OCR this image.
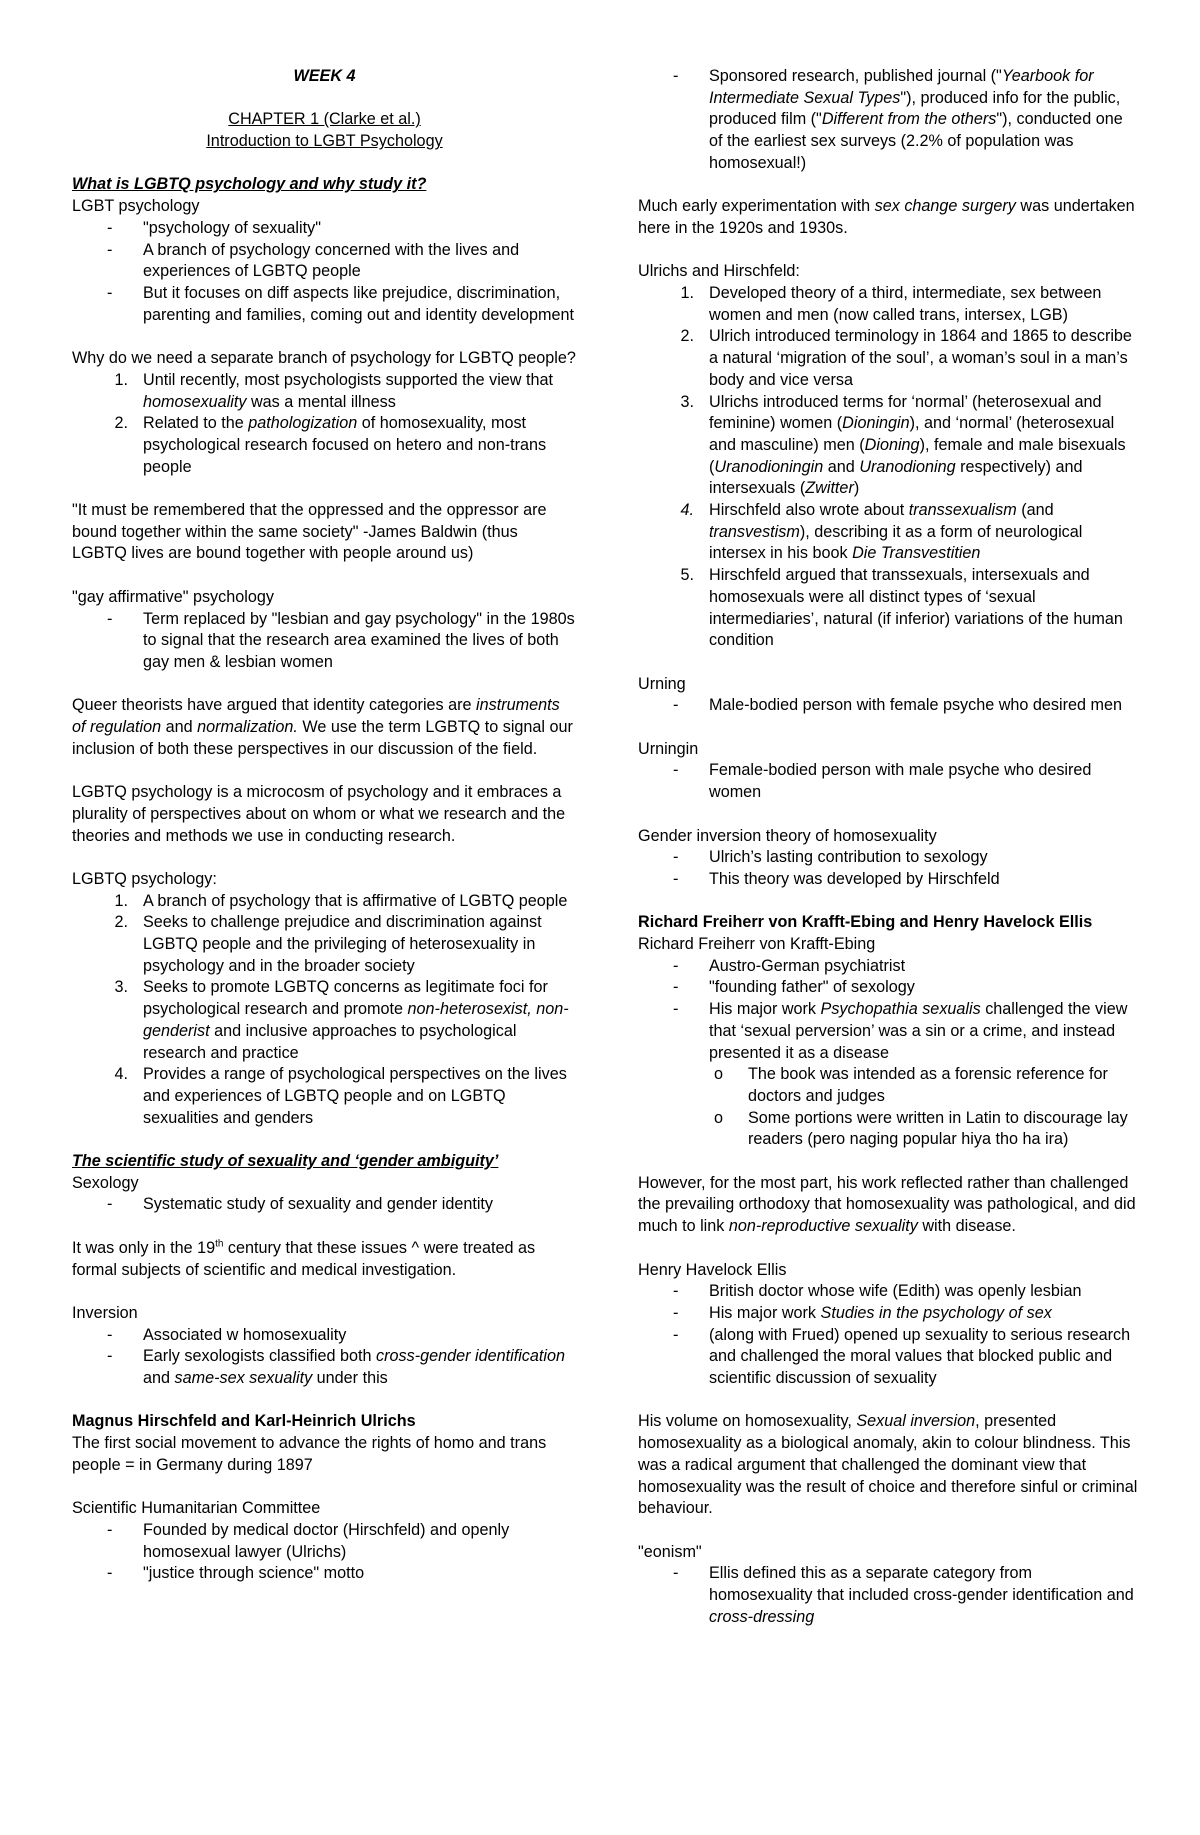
WEEK 4

CHAPTER 1 (Clarke et al.)

Introduction to LGBT Psychology

What is LGBTQ psychology and why study it?

LGBT psychology

- "psychology of sexuality"
- A branch of psychology concerned with the lives and experiences of LGBTQ people
- But it focuses on diff aspects like prejudice, discrimination, parenting and families, coming out and identity development

Why do we need a separate branch of psychology for LGBTQ people?

1. Until recently, most psychologists supported the view that homosexuality was a mental illness
2. Related to the pathologization of homosexuality, most psychological research focused on hetero and non-trans people

"It must be remembered that the oppressed and the oppressor are bound together within the same society" -James Baldwin (thus LGBTQ lives are bound together with people around us)

"gay affirmative" psychology

- Term replaced by "lesbian and gay psychology" in the 1980s to signal that the research area examined the lives of both gay men & lesbian women

Queer theorists have argued that identity categories are instruments of regulation and normalization. We use the term LGBTQ to signal our inclusion of both these perspectives in our discussion of the field.

LGBTQ psychology is a microcosm of psychology and it embraces a plurality of perspectives about on whom or what we research and the theories and methods we use in conducting research.

LGBTQ psychology:

1. A branch of psychology that is affirmative of LGBTQ people
2. Seeks to challenge prejudice and discrimination against LGBTQ people and the privileging of heterosexuality in psychology and in the broader society
3. Seeks to promote LGBTQ concerns as legitimate foci for psychological research and promote non-heterosexist, non-genderist and inclusive approaches to psychological research and practice
4. Provides a range of psychological perspectives on the lives and experiences of LGBTQ people and on LGBTQ sexualities and genders

The scientific study of sexuality and ‘gender ambiguity’

Sexology

- Systematic study of sexuality and gender identity

It was only in the 19th century that these issues ^ were treated as formal subjects of scientific and medical investigation.

Inversion

- Associated w homosexuality
- Early sexologists classified both cross-gender identification and same-sex sexuality under this

Magnus Hirschfeld and Karl-Heinrich Ulrichs

The first social movement to advance the rights of homo and trans people = in Germany during 1897

Scientific Humanitarian Committee

- Founded by medical doctor (Hirschfeld) and openly homosexual lawyer (Ulrichs)
- "justice through science" motto
- Sponsored research, published journal ("Yearbook for Intermediate Sexual Types"), produced info for the public, produced film ("Different from the others"), conducted one of the earliest sex surveys (2.2% of population was homosexual!)

Much early experimentation with sex change surgery was undertaken here in the 1920s and 1930s.

Ulrichs and Hirschfeld:

1. Developed theory of a third, intermediate, sex between women and men (now called trans, intersex, LGB)
2. Ulrich introduced terminology in 1864 and 1865 to describe a natural ‘migration of the soul’, a woman’s soul in a man’s body and vice versa
3. Ulrichs introduced terms for ‘normal’ (heterosexual and feminine) women (Dioningin), and ‘normal’ (heterosexual and masculine) men (Dioning), female and male bisexuals (Uranodioningin and Uranodioning respectively) and intersexuals (Zwitter)
4. Hirschfeld also wrote about transsexualism (and transvestism), describing it as a form of neurological intersex in his book Die Transvestitien
5. Hirschfeld argued that transsexuals, intersexuals and homosexuals were all distinct types of ‘sexual intermediaries’, natural (if inferior) variations of the human condition

Urning

- Male-bodied person with female psyche who desired men

Urningin

- Female-bodied person with male psyche who desired women

Gender inversion theory of homosexuality

- Ulrich’s lasting contribution to sexology
- This theory was developed by Hirschfeld

Richard Freiherr von Krafft-Ebing and Henry Havelock Ellis

Richard Freiherr von Krafft-Ebing

- Austro-German psychiatrist
- "founding father" of sexology
- His major work Psychopathia sexualis challenged the view that ‘sexual perversion’ was a sin or a crime, and instead presented it as a disease
o The book was intended as a forensic reference for doctors and judges
o Some portions were written in Latin to discourage lay readers (pero naging popular hiya tho ha ira)

However, for the most part, his work reflected rather than challenged the prevailing orthodoxy that homosexuality was pathological, and did much to link non-reproductive sexuality with disease.

Henry Havelock Ellis

- British doctor whose wife (Edith) was openly lesbian
- His major work Studies in the psychology of sex
- (along with Frued) opened up sexuality to serious research and challenged the moral values that blocked public and scientific discussion of sexuality

His volume on homosexuality, Sexual inversion, presented homosexuality as a biological anomaly, akin to colour blindness. This was a radical argument that challenged the dominant view that homosexuality was the result of choice and therefore sinful or criminal behaviour.

"eonism"

- Ellis defined this as a separate category from homosexuality that included cross-gender identification and cross-dressing
